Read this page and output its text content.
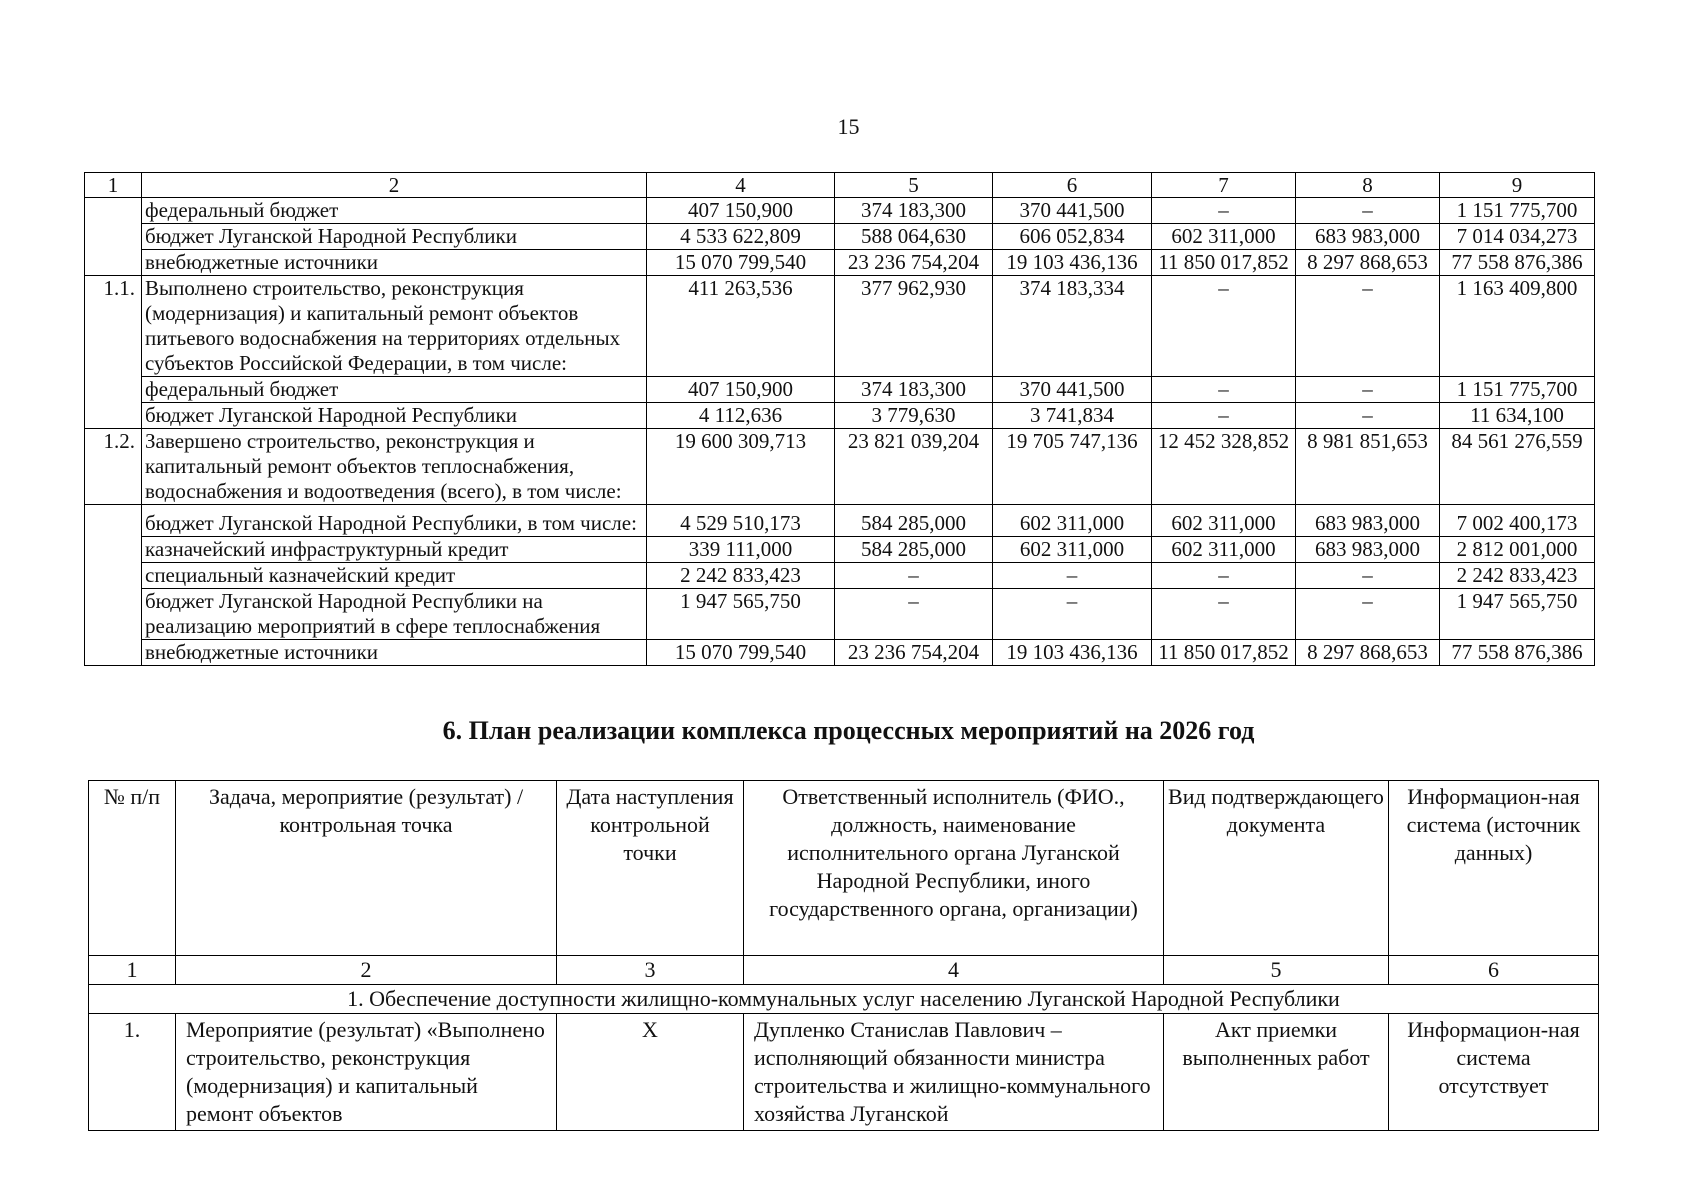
15
1	2	4	5	6	7	8	9
	федеральный бюджет	407 150,900	374 183,300	370 441,500	–	–	1 151 775,700
	бюджет Луганской Народной Республики	4 533 622,809	588 064,630	606 052,834	602 311,000	683 983,000	7 014 034,273
	внебюджетные источники	15 070 799,540	23 236 754,204	19 103 436,136	11 850 017,852	8 297 868,653	77 558 876,386
1.1.	Выполнено строительство, реконструкция (модернизация) и капитальный ремонт объектов питьевого водоснабжения на территориях отдельных субъектов Российской Федерации, в том числе:	411 263,536	377 962,930	374 183,334	–	–	1 163 409,800
	федеральный бюджет	407 150,900	374 183,300	370 441,500	–	–	1 151 775,700
	бюджет Луганской Народной Республики	4 112,636	3 779,630	3 741,834	–	–	11 634,100
1.2.	Завершено строительство, реконструкция и капитальный ремонт объектов теплоснабжения, водоснабжения и водоотведения (всего), в том числе:	19 600 309,713	23 821 039,204	19 705 747,136	12 452 328,852	8 981 851,653	84 561 276,559
	бюджет Луганской Народной Республики, в том числе:	4 529 510,173	584 285,000	602 311,000	602 311,000	683 983,000	7 002 400,173
	казначейский инфраструктурный кредит	339 111,000	584 285,000	602 311,000	602 311,000	683 983,000	2 812 001,000
	специальный казначейский кредит	2 242 833,423	–	–	–	–	2 242 833,423
	бюджет Луганской Народной Республики на реализацию мероприятий в сфере теплоснабжения	1 947 565,750	–	–	–	–	1 947 565,750
	внебюджетные источники	15 070 799,540	23 236 754,204	19 103 436,136	11 850 017,852	8 297 868,653	77 558 876,386
6. План реализации комплекса процессных мероприятий на 2026 год
№ п/п	Задача, мероприятие (результат) / контрольная точка	Дата наступления контрольной точки	Ответственный исполнитель (ФИО., должность, наименование исполнительного органа Луганской Народной Республики, иного государственного органа, организации)	Вид подтверждающего документа	Информацион-ная система (источник данных)
1	2	3	4	5	6
1. Обеспечение доступности жилищно-коммунальных услуг населению Луганской Народной Республики					
1.	Мероприятие (результат) «Выполнено строительство, реконструкция (модернизация) и капитальный ремонт объектов	Х	Дупленко Станислав Павлович – исполняющий обязанности министра строительства и жилищно-коммунального хозяйства Луганской	Акт приемки выполненных работ	Информацион-ная система отсутствует
